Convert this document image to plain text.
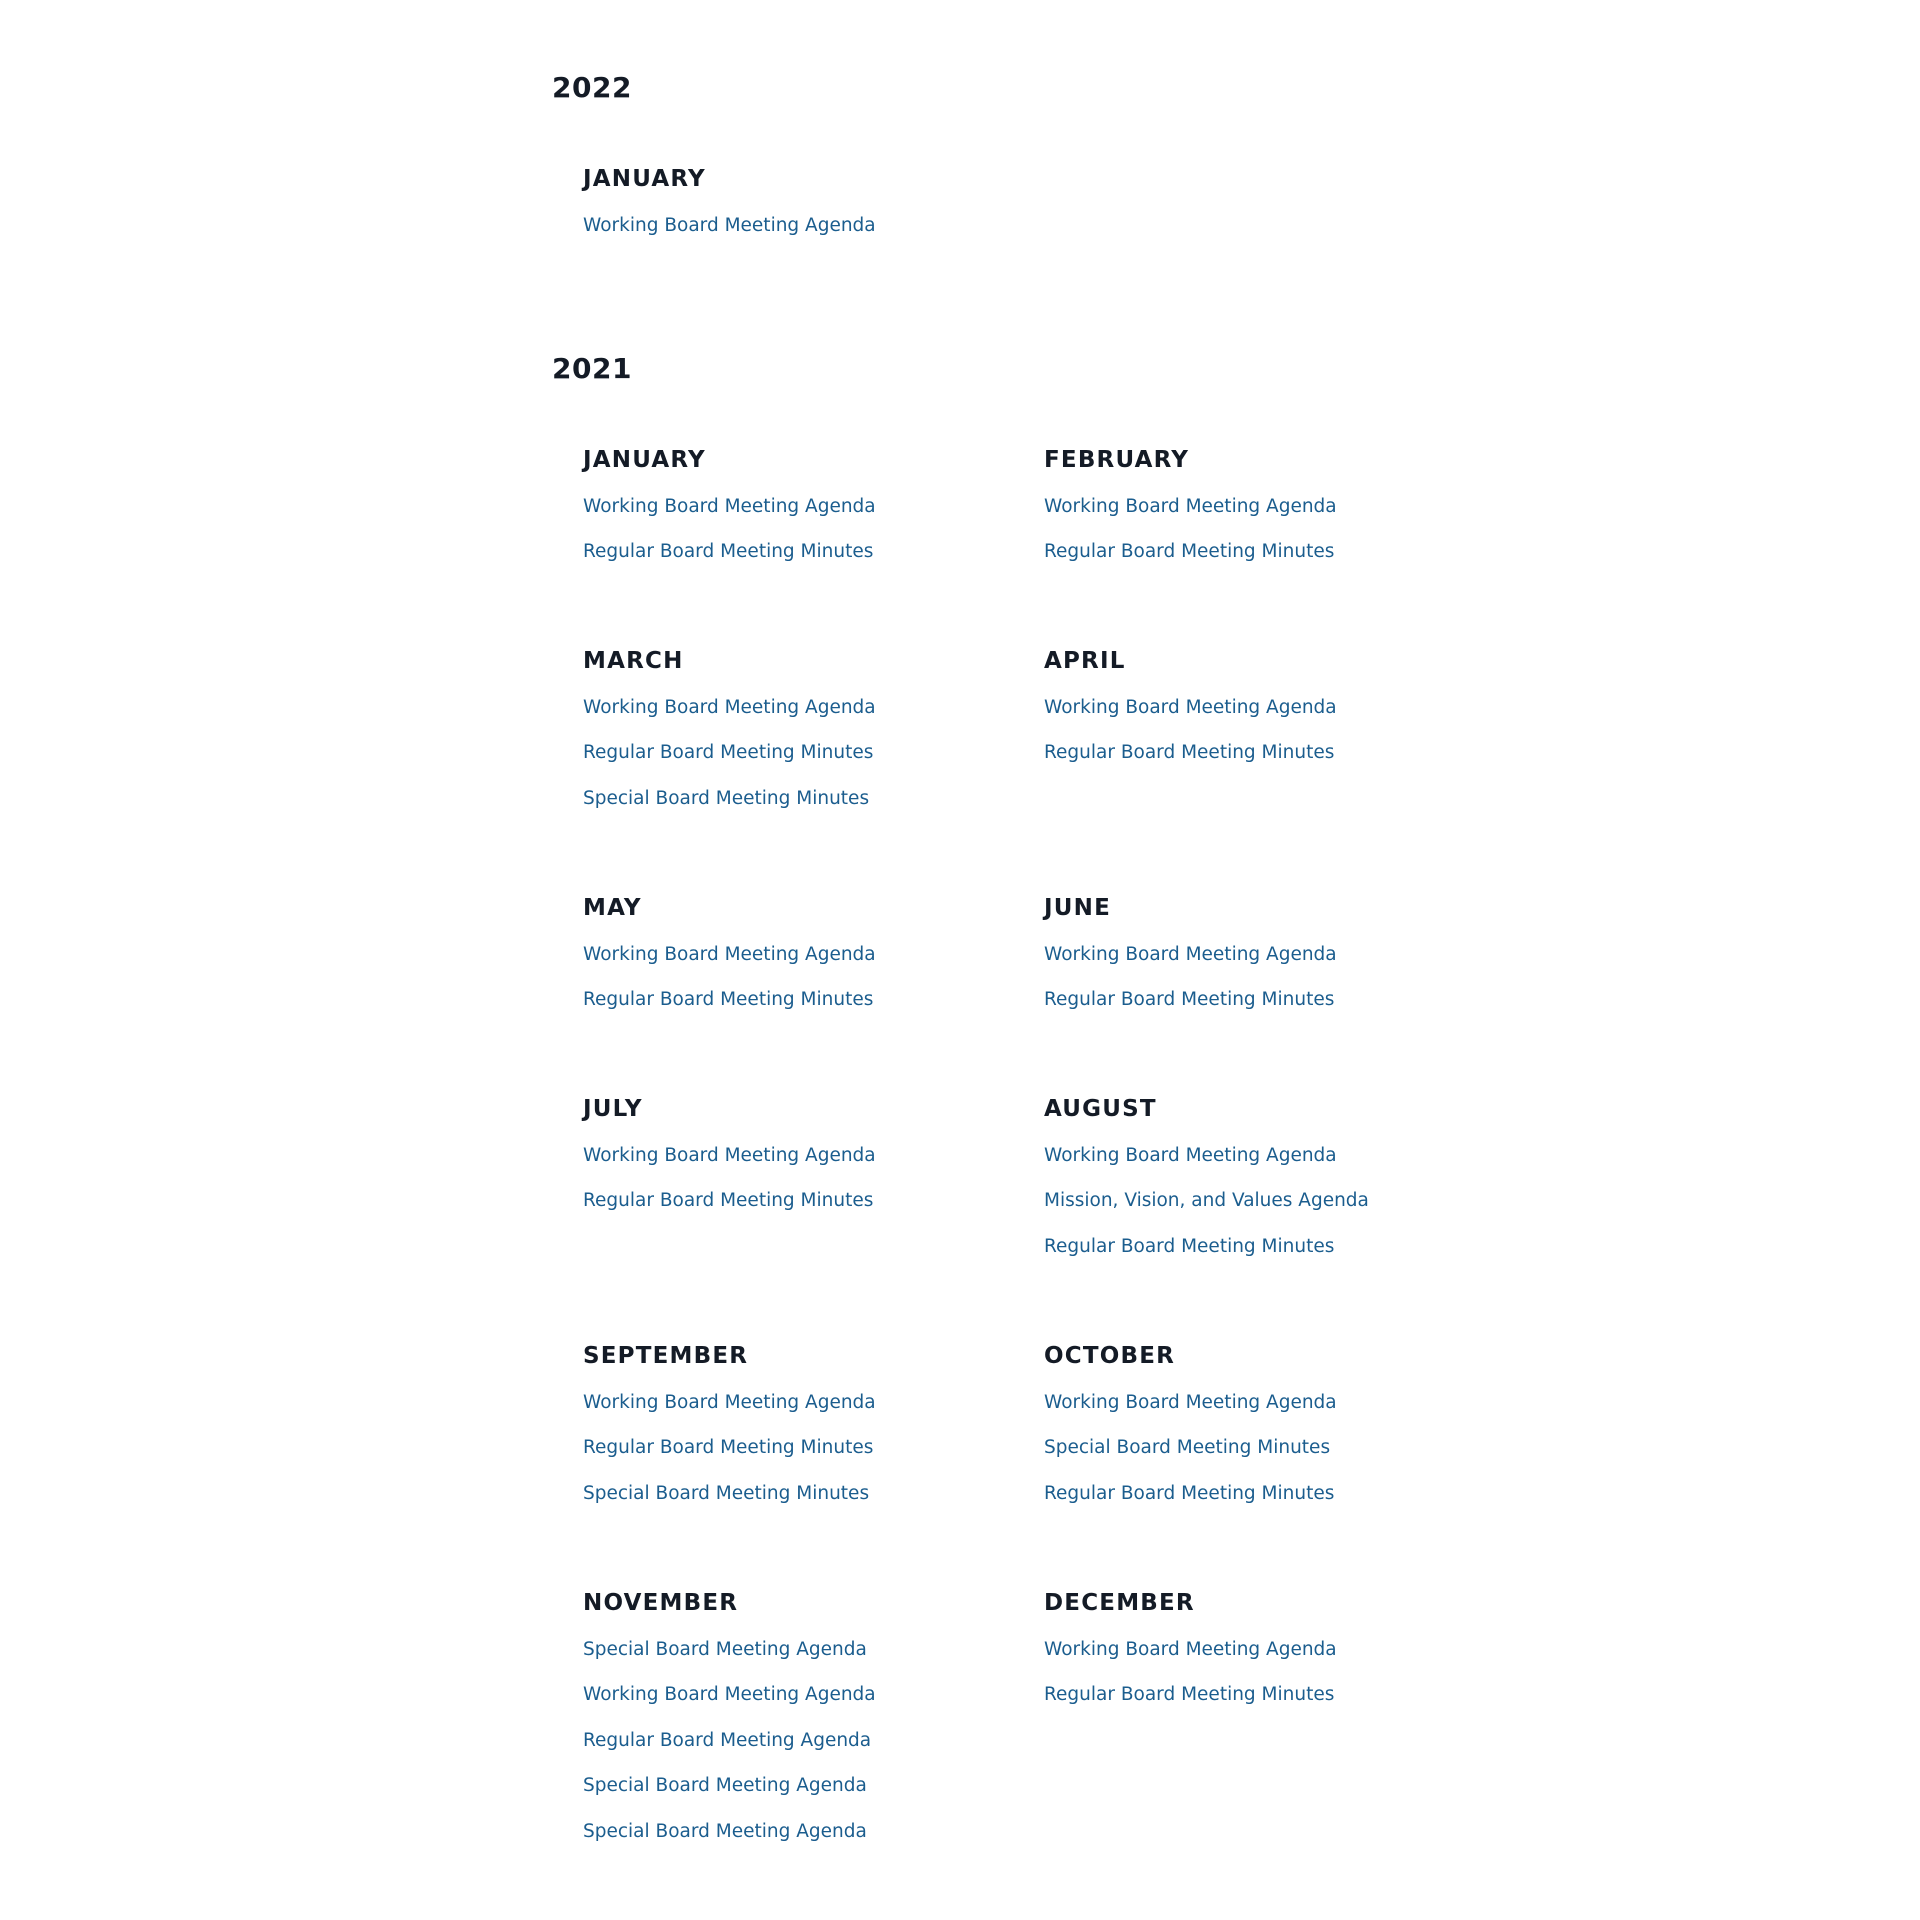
2022
JANUARY
Working Board Meeting Agenda
2021
JANUARY
Working Board Meeting Agenda
Regular Board Meeting Minutes
FEBRUARY
Working Board Meeting Agenda
Regular Board Meeting Minutes
MARCH
Working Board Meeting Agenda
Regular Board Meeting Minutes
Special Board Meeting Minutes
APRIL
Working Board Meeting Agenda
Regular Board Meeting Minutes
MAY
Working Board Meeting Agenda
Regular Board Meeting Minutes
JUNE
Working Board Meeting Agenda
Regular Board Meeting Minutes
JULY
Working Board Meeting Agenda
Regular Board Meeting Minutes
AUGUST
Working Board Meeting Agenda
Mission, Vision, and Values Agenda
Regular Board Meeting Minutes
SEPTEMBER
Working Board Meeting Agenda
Regular Board Meeting Minutes
Special Board Meeting Minutes
OCTOBER
Working Board Meeting Agenda
Special Board Meeting Minutes
Regular Board Meeting Minutes
NOVEMBER
Special Board Meeting Agenda
Working Board Meeting Agenda
Regular Board Meeting Agenda
Special Board Meeting Agenda
Special Board Meeting Agenda
DECEMBER
Working Board Meeting Agenda
Regular Board Meeting Minutes
